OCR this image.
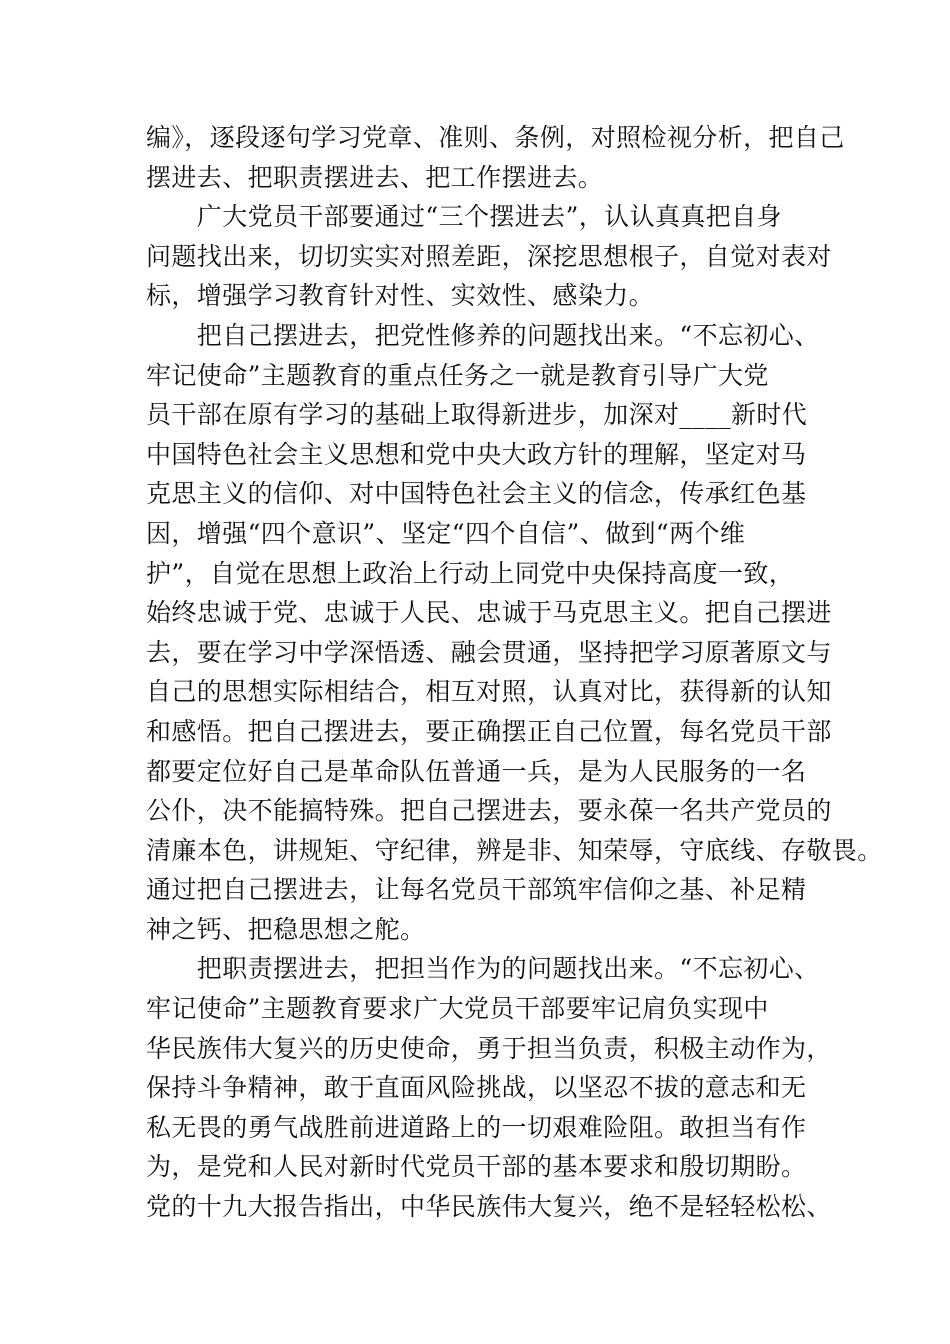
编》，逐段逐句学习党章、准则、条例，对照检视分析，把自己
摆进去、把职责摆进去、把工作摆进去。
　　广大党员干部要通过“三个摆进去”，认认真真把自身
问题找出来，切切实实对照差距，深挖思想根子，自觉对表对
标，增强学习教育针对性、实效性、感染力。
　　把自己摆进去，把党性修养的问题找出来。“不忘初心、
牢记使命”主题教育的重点任务之一就是教育引导广大党
员干部在原有学习的基础上取得新进步，加深对____新时代
中国特色社会主义思想和党中央大政方针的理解，坚定对马
克思主义的信仰、对中国特色社会主义的信念，传承红色基
因，增强“四个意识”、坚定“四个自信”、做到“两个维
护”，自觉在思想上政治上行动上同党中央保持高度一致，
始终忠诚于党、忠诚于人民、忠诚于马克思主义。把自己摆进
去，要在学习中学深悟透、融会贯通，坚持把学习原著原文与
自己的思想实际相结合，相互对照，认真对比，获得新的认知
和感悟。把自己摆进去，要正确摆正自己位置，每名党员干部
都要定位好自己是革命队伍普通一兵，是为人民服务的一名
公仆，决不能搞特殊。把自己摆进去，要永葆一名共产党员的
清廉本色，讲规矩、守纪律，辨是非、知荣辱，守底线、存敬畏。
通过把自己摆进去，让每名党员干部筑牢信仰之基、补足精
神之钙、把稳思想之舵。
　　把职责摆进去，把担当作为的问题找出来。“不忘初心、
牢记使命”主题教育要求广大党员干部要牢记肩负实现中
华民族伟大复兴的历史使命，勇于担当负责，积极主动作为，
保持斗争精神，敢于直面风险挑战，以坚忍不拔的意志和无
私无畏的勇气战胜前进道路上的一切艰难险阻。敢担当有作
为，是党和人民对新时代党员干部的基本要求和殷切期盼。
党的十九大报告指出，中华民族伟大复兴，绝不是轻轻松松、
